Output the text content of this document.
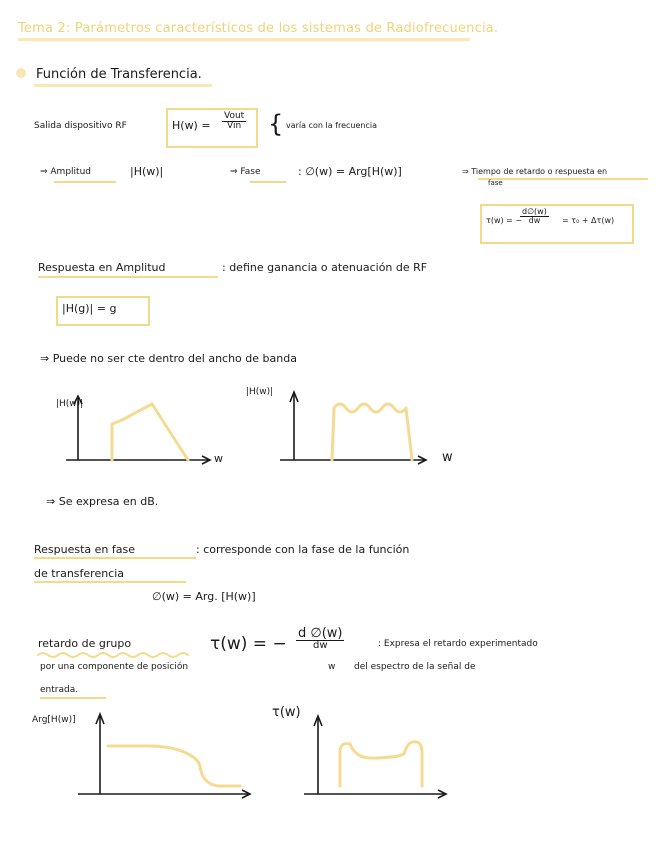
Tema 2: Parámetros característicos de los sistemas de Radiofrecuencia.
Función de Transferencia.
Salida dispositivo RF	H(w) =
Vout
Vin { varía con la frecuencia
⇒ Amplitud	|H(w)|	⇒ Fase	: ∅(w) = Arg[H(w)]	⇒ Tiempo de retardo o respuesta en
fase
τ(w) = −
$\frac{d\emptyset(w)}{dw} = \tau_0 + \Delta\tau(w)$
Respuesta en Amplitud	: define ganancia o atenuación de RF
|H(g)| = g
⇒ Puede no ser cte dentro del ancho de banda
|H(w)|
w
|H(w)|
w
⇒ Se expresa en dB.
Respuesta en fase	: corresponde con la fase de la función
de transferencia
∅(w) = Arg. [H(w)]
retardo de grupo	τ(w) = −
d ∅(w)
dw	: Expresa el retardo experimentado
por una componente de posición	w del espectro de la señal de
entrada.
Arg[H(w)]	τ(w)
